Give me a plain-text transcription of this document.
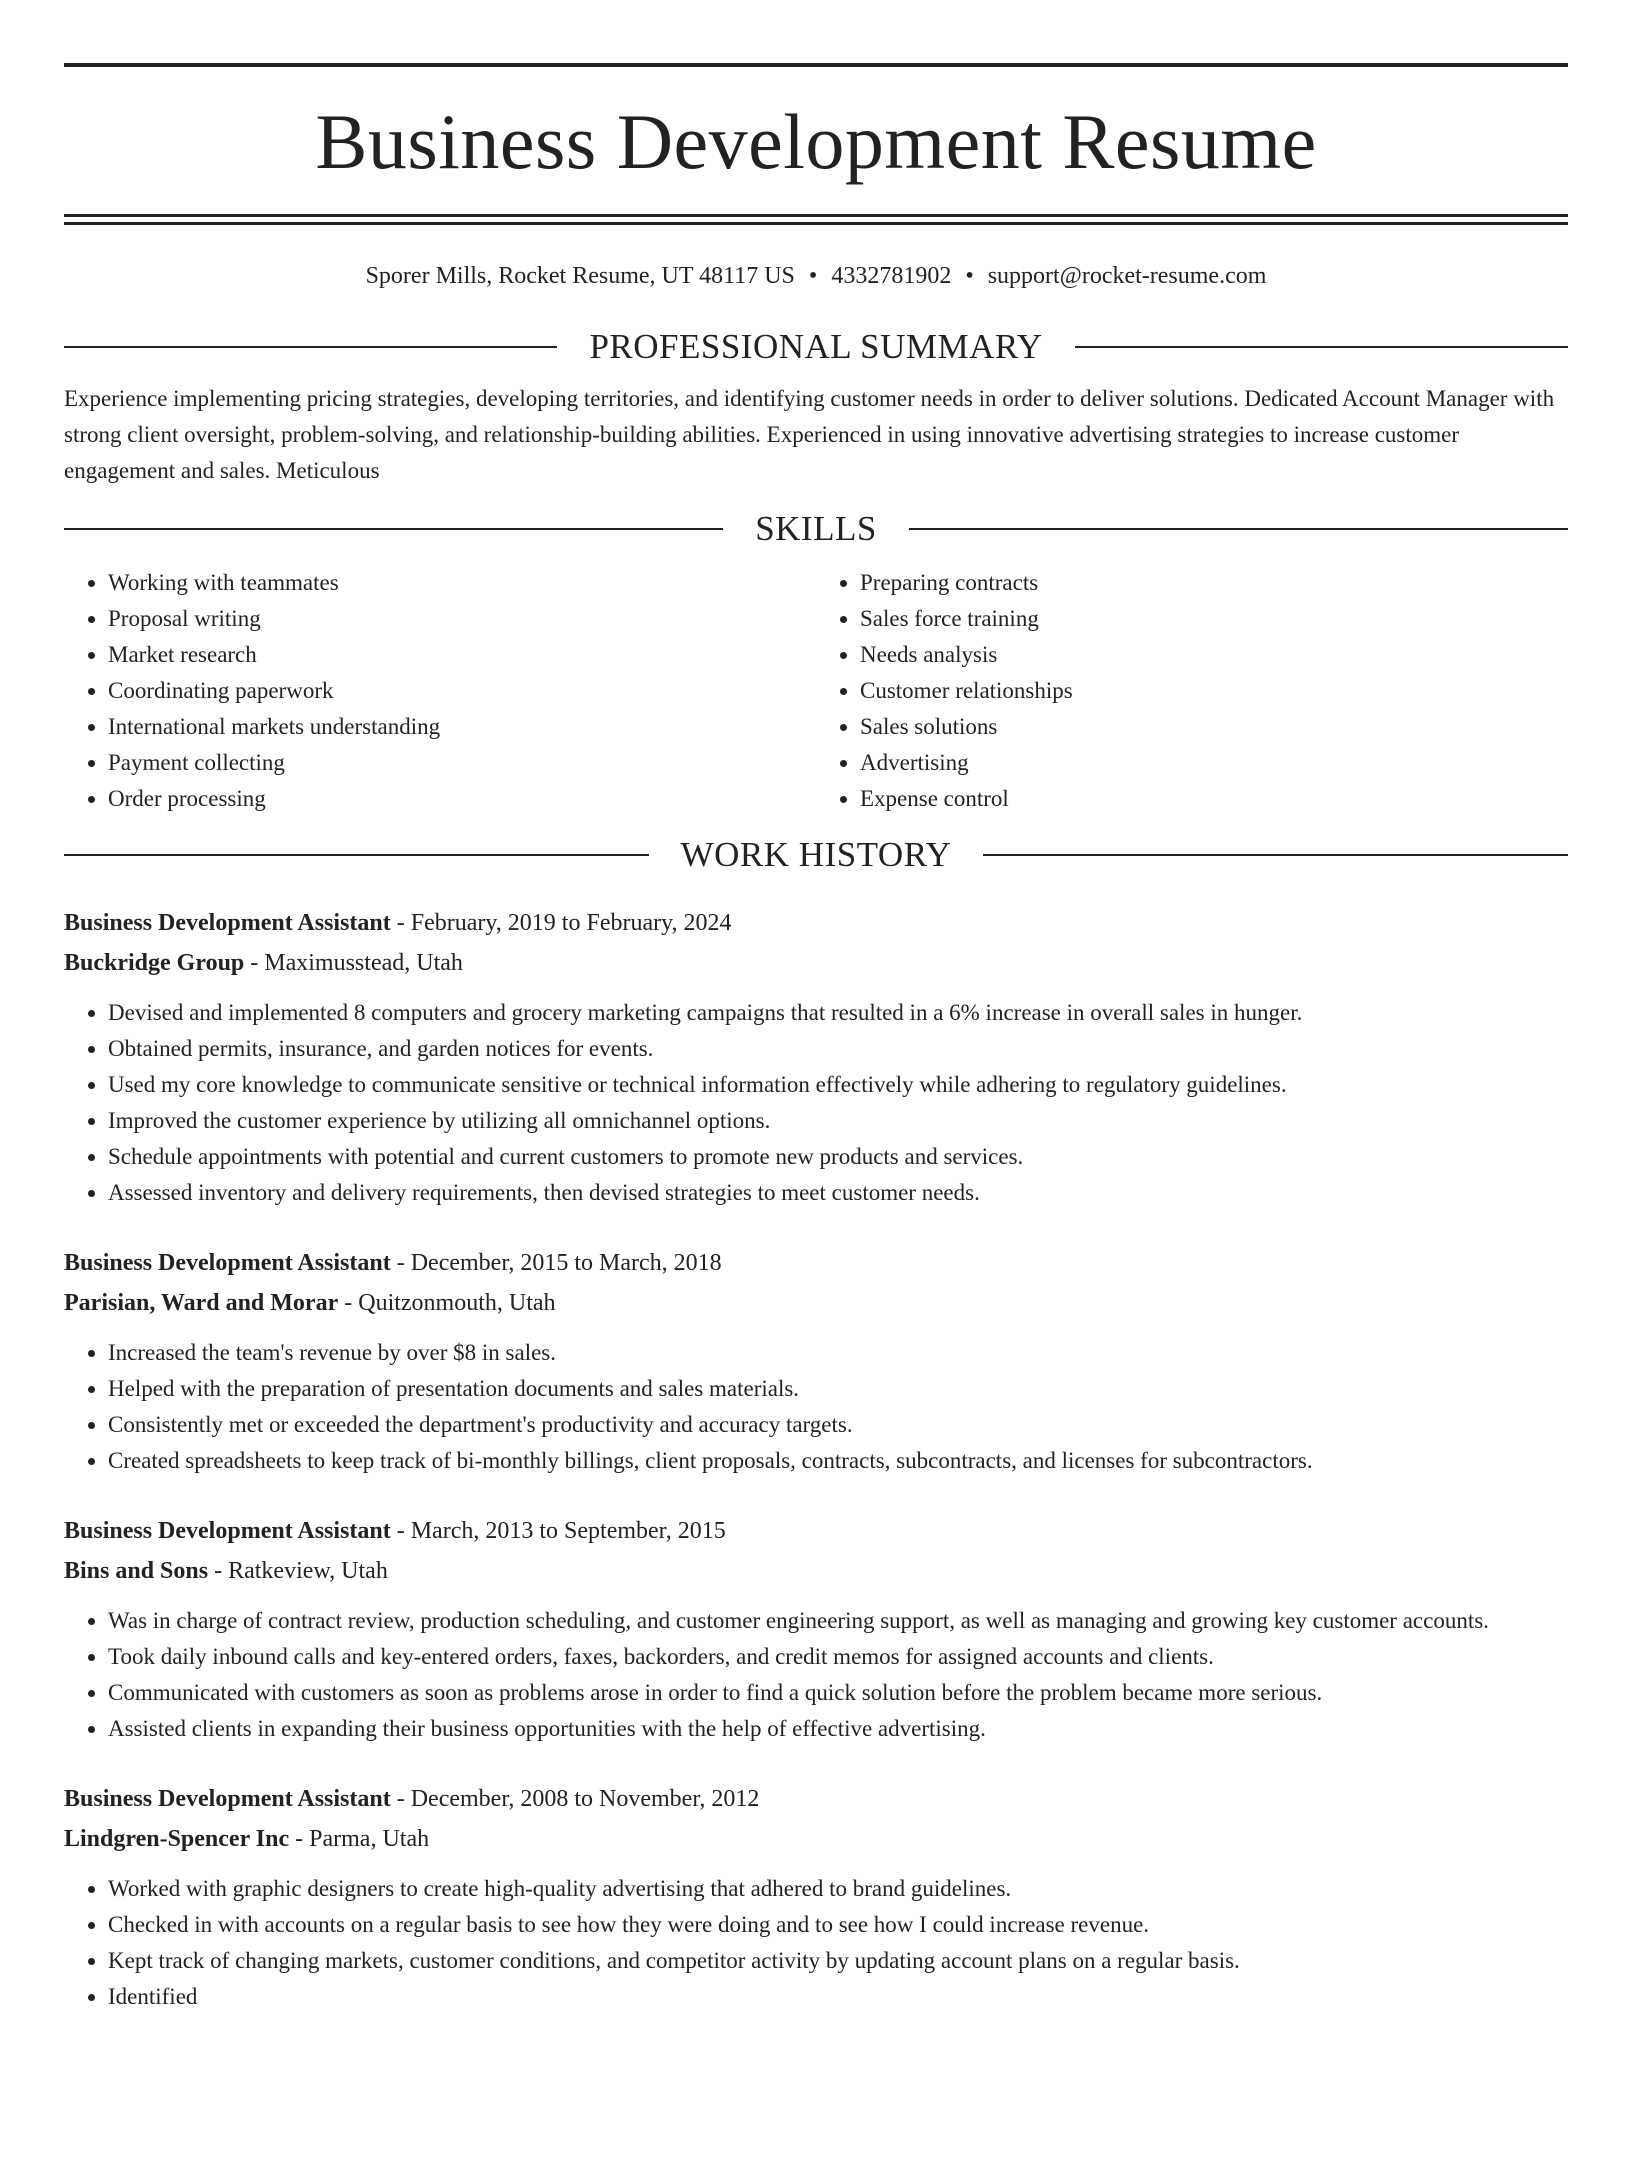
Business Development Resume
Sporer Mills, Rocket Resume, UT 48117 US • 4332781902 • support@rocket-resume.com
PROFESSIONAL SUMMARY
Experience implementing pricing strategies, developing territories, and identifying customer needs in order to deliver solutions. Dedicated Account Manager with strong client oversight, problem-solving, and relationship-building abilities. Experienced in using innovative advertising strategies to increase customer engagement and sales. Meticulous
SKILLS
• Working with teammates
• Proposal writing
• Market research
• Coordinating paperwork
• International markets understanding
• Payment collecting
• Order processing
• Preparing contracts
• Sales force training
• Needs analysis
• Customer relationships
• Sales solutions
• Advertising
• Expense control
WORK HISTORY
Business Development Assistant - February, 2019 to February, 2024
Buckridge Group - Maximusstead, Utah
• Devised and implemented 8 computers and grocery marketing campaigns that resulted in a 6% increase in overall sales in hunger.
• Obtained permits, insurance, and garden notices for events.
• Used my core knowledge to communicate sensitive or technical information effectively while adhering to regulatory guidelines.
• Improved the customer experience by utilizing all omnichannel options.
• Schedule appointments with potential and current customers to promote new products and services.
• Assessed inventory and delivery requirements, then devised strategies to meet customer needs.
Business Development Assistant - December, 2015 to March, 2018
Parisian, Ward and Morar - Quitzonmouth, Utah
• Increased the team's revenue by over $8 in sales.
• Helped with the preparation of presentation documents and sales materials.
• Consistently met or exceeded the department's productivity and accuracy targets.
• Created spreadsheets to keep track of bi-monthly billings, client proposals, contracts, subcontracts, and licenses for subcontractors.
Business Development Assistant - March, 2013 to September, 2015
Bins and Sons - Ratkeview, Utah
• Was in charge of contract review, production scheduling, and customer engineering support, as well as managing and growing key customer accounts.
• Took daily inbound calls and key-entered orders, faxes, backorders, and credit memos for assigned accounts and clients.
• Communicated with customers as soon as problems arose in order to find a quick solution before the problem became more serious.
• Assisted clients in expanding their business opportunities with the help of effective advertising.
Business Development Assistant - December, 2008 to November, 2012
Lindgren-Spencer Inc - Parma, Utah
• Worked with graphic designers to create high-quality advertising that adhered to brand guidelines.
• Checked in with accounts on a regular basis to see how they were doing and to see how I could increase revenue.
• Kept track of changing markets, customer conditions, and competitor activity by updating account plans on a regular basis.
• Identified
